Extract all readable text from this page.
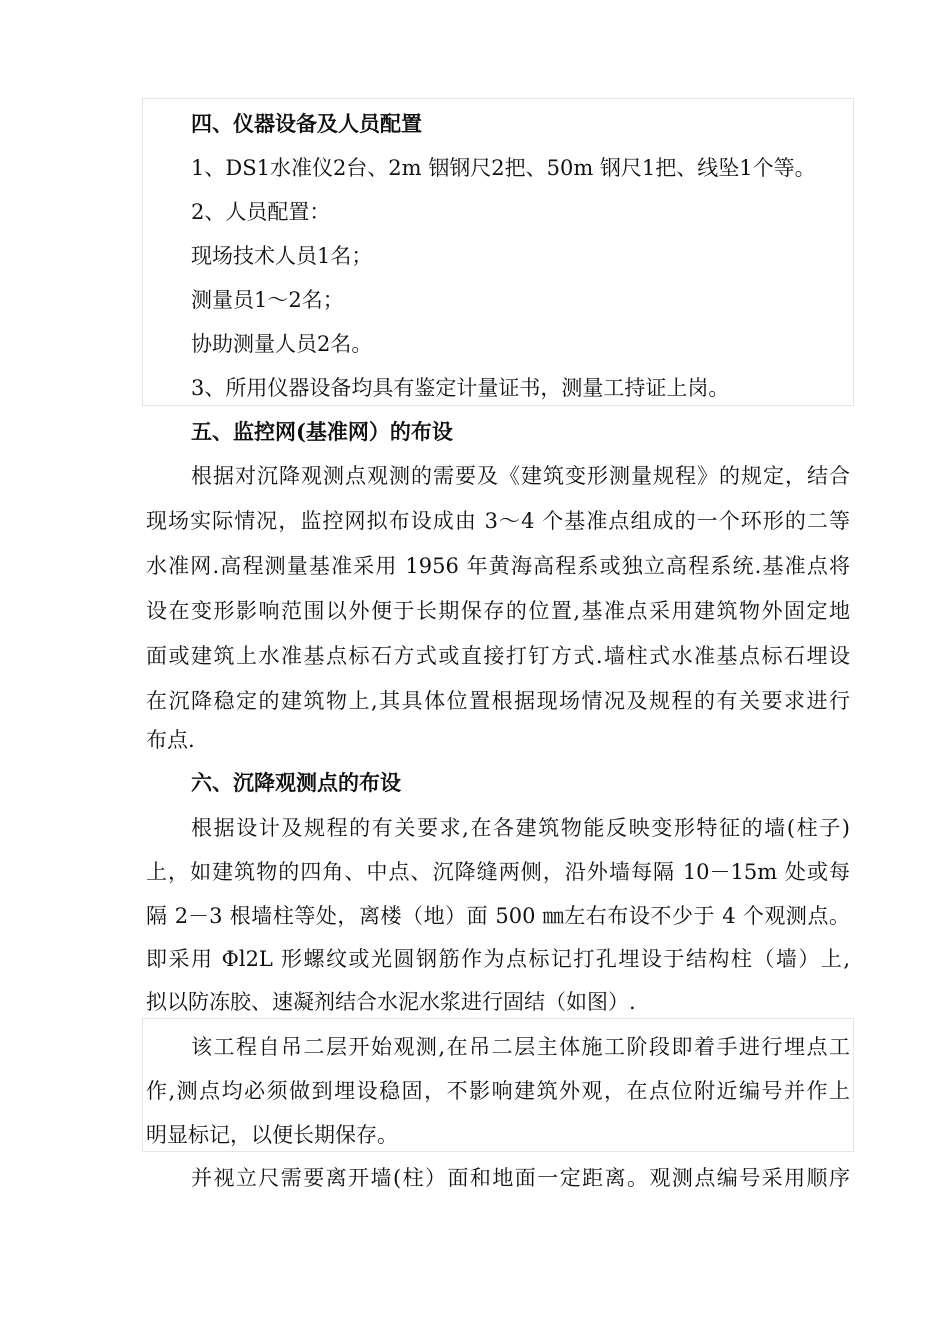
四、仪器设备及人员配置

1、DS1水准仪2台、2m 铟钢尺2把、50m 钢尺1把、线坠1个等。

2、人员配置：

现场技术人员1名；

测量员1～2名；

协助测量人员2名。

3、所用仪器设备均具有鉴定计量证书，测量工持证上岗。

五、监控网(基准网）的布设

根据对沉降观测点观测的需要及《建筑变形测量规程》的规定，结合

现场实际情况，监控网拟布设成由 3～4 个基准点组成的一个环形的二等

水准网.高程测量基准采用 1956 年黄海高程系或独立高程系统.基准点将

设在变形影响范围以外便于长期保存的位置,基准点采用建筑物外固定地

面或建筑上水准基点标石方式或直接打钉方式.墙柱式水准基点标石埋设

在沉降稳定的建筑物上,其具体位置根据现场情况及规程的有关要求进行

布点.

六、沉降观测点的布设

根据设计及规程的有关要求,在各建筑物能反映变形特征的墙(柱子)

上，如建筑物的四角、中点、沉降缝两侧，沿外墙每隔 10－15m 处或每

隔 2－3 根墙柱等处，离楼（地）面 500 ㎜左右布设不少于 4 个观测点。

即采用 Φl2L 形螺纹或光圆钢筋作为点标记打孔埋设于结构柱（墙）上,

拟以防冻胶、速凝剂结合水泥水浆进行固结（如图）.

该工程自吊二层开始观测,在吊二层主体施工阶段即着手进行埋点工

作,测点均必须做到埋设稳固，不影响建筑外观，在点位附近编号并作上

明显标记，以便长期保存。

并视立尺需要离开墙(柱）面和地面一定距离。观测点编号采用顺序
